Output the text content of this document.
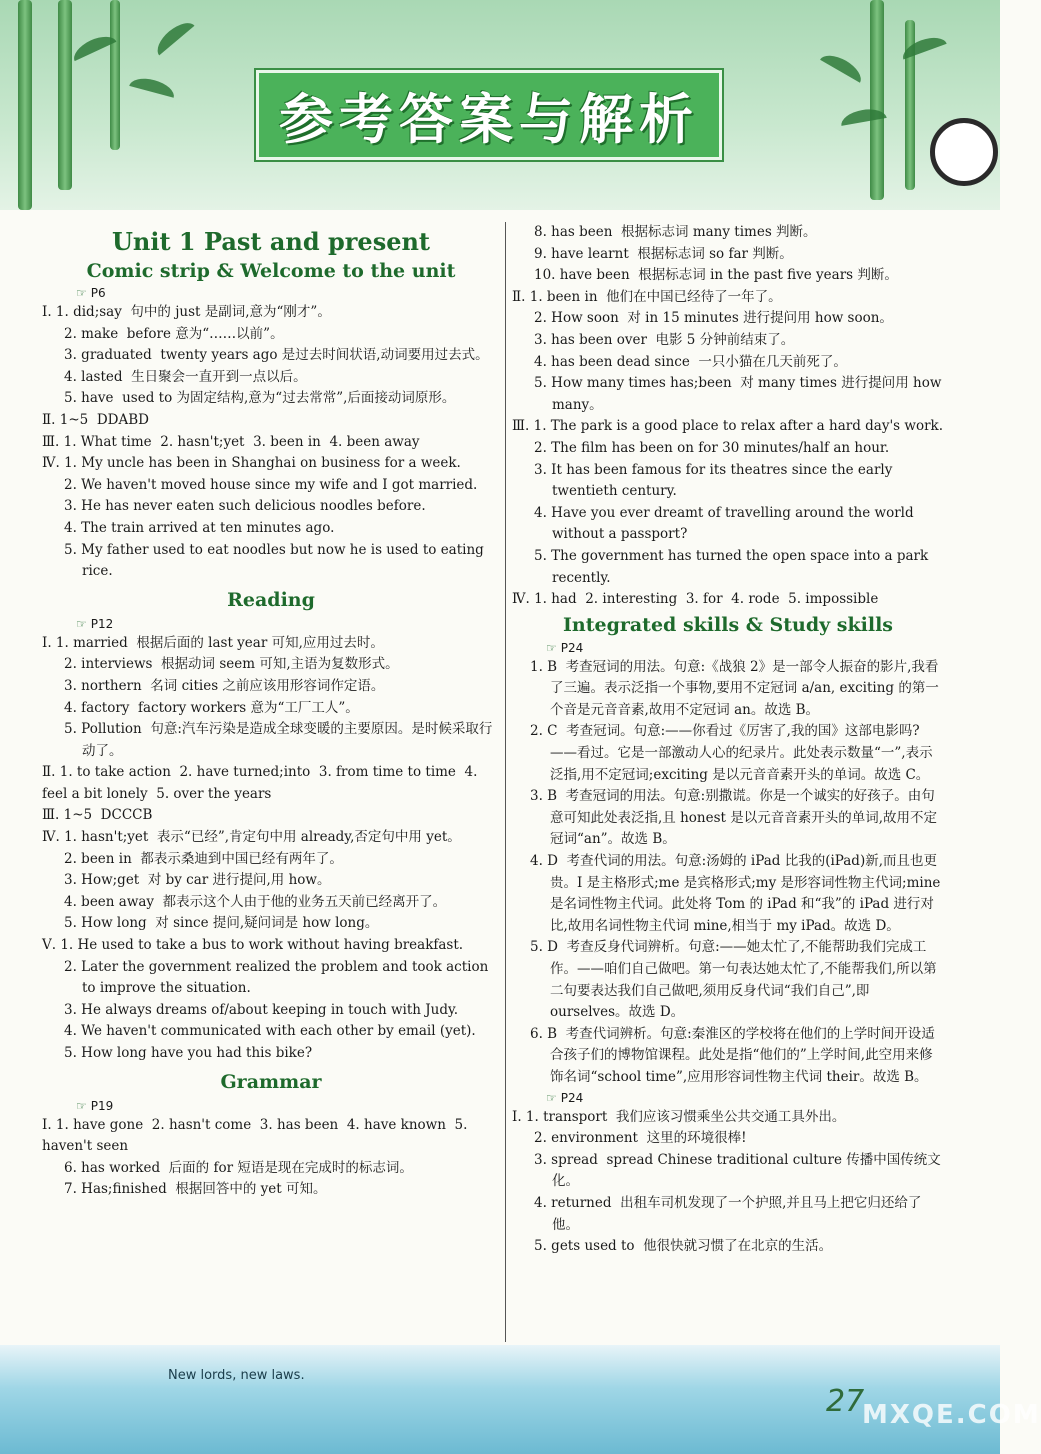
参考答案与解析
Unit 1 Past and present
Comic strip & Welcome to the unit
☞ P6
Ⅰ. 1. did;say  句中的 just 是副词,意为“刚才”。
2. make  before 意为“……以前”。
3. graduated  twenty years ago 是过去时间状语,动词要用过去式。
4. lasted  生日聚会一直开到一点以后。
5. have  used to 为固定结构,意为“过去常常”,后面接动词原形。
Ⅱ. 1~5  DDABD
Ⅲ. 1. What time  2. hasn't;yet  3. been in  4. been away
Ⅳ. 1. My uncle has been in Shanghai on business for a week.
2. We haven't moved house since my wife and I got married.
3. He has never eaten such delicious noodles before.
4. The train arrived at ten minutes ago.
5. My father used to eat noodles but now he is used to eating rice.
Reading
☞ P12
Ⅰ. 1. married  根据后面的 last year 可知,应用过去时。
2. interviews  根据动词 seem 可知,主语为复数形式。
3. northern  名词 cities 之前应该用形容词作定语。
4. factory  factory workers 意为“工厂工人”。
5. Pollution  句意:汽车污染是造成全球变暖的主要原因。是时候采取行动了。
Ⅱ. 1. to take action  2. have turned;into  3. from time to time  4. feel a bit lonely  5. over the years
Ⅲ. 1~5  DCCCB
Ⅳ. 1. hasn't;yet  表示“已经”,肯定句中用 already,否定句中用 yet。
2. been in  都表示桑迪到中国已经有两年了。
3. How;get  对 by car 进行提问,用 how。
4. been away  都表示这个人由于他的业务五天前已经离开了。
5. How long  对 since 提问,疑问词是 how long。
Ⅴ. 1. He used to take a bus to work without having breakfast.
2. Later the government realized the problem and took action to improve the situation.
3. He always dreams of/about keeping in touch with Judy.
4. We haven't communicated with each other by email (yet).
5. How long have you had this bike?
Grammar
☞ P19
Ⅰ. 1. have gone  2. hasn't come  3. has been  4. have known  5. haven't seen
6. has worked  后面的 for 短语是现在完成时的标志词。
7. Has;finished  根据回答中的 yet 可知。
8. has been  根据标志词 many times 判断。
9. have learnt  根据标志词 so far 判断。
10. have been  根据标志词 in the past five years 判断。
Ⅱ. 1. been in  他们在中国已经待了一年了。
2. How soon  对 in 15 minutes 进行提问用 how soon。
3. has been over  电影 5 分钟前结束了。
4. has been dead since  一只小猫在几天前死了。
5. How many times has;been  对 many times 进行提问用 how many。
Ⅲ. 1. The park is a good place to relax after a hard day's work.
2. The film has been on for 30 minutes/half an hour.
3. It has been famous for its theatres since the early twentieth century.
4. Have you ever dreamt of travelling around the world without a passport?
5. The government has turned the open space into a park recently.
Ⅳ. 1. had  2. interesting  3. for  4. rode  5. impossible
Integrated skills & Study skills
☞ P24
1. B  考查冠词的用法。句意:《战狼 2》是一部令人振奋的影片,我看了三遍。表示泛指一个事物,要用不定冠词 a/an, exciting 的第一个音是元音音素,故用不定冠词 an。故选 B。
2. C  考查冠词。句意:——你看过《厉害了,我的国》这部电影吗?——看过。它是一部激动人心的纪录片。此处表示数量“一”,表示泛指,用不定冠词;exciting 是以元音音素开头的单词。故选 C。
3. B  考查冠词的用法。句意:别撒谎。你是一个诚实的好孩子。由句意可知此处表泛指,且 honest 是以元音音素开头的单词,故用不定冠词“an”。故选 B。
4. D  考查代词的用法。句意:汤姆的 iPad 比我的(iPad)新,而且也更贵。I 是主格形式;me 是宾格形式;my 是形容词性物主代词;mine 是名词性物主代词。此处将 Tom 的 iPad 和“我”的 iPad 进行对比,故用名词性物主代词 mine,相当于 my iPad。故选 D。
5. D  考查反身代词辨析。句意:——她太忙了,不能帮助我们完成工作。——咱们自己做吧。第一句表达她太忙了,不能帮我们,所以第二句要表达我们自己做吧,须用反身代词“我们自己”,即 ourselves。故选 D。
6. B  考查代词辨析。句意:秦淮区的学校将在他们的上学时间开设适合孩子们的博物馆课程。此处是指“他们的”上学时间,此空用来修饰名词“school time”,应用形容词性物主代词 their。故选 B。
☞ P24
Ⅰ. 1. transport  我们应该习惯乘坐公共交通工具外出。
2. environment  这里的环境很棒!
3. spread  spread Chinese traditional culture 传播中国传统文化。
4. returned  出租车司机发现了一个护照,并且马上把它归还给了他。
5. gets used to  他很快就习惯了在北京的生活。
New lords, new laws.
27
MXQE.COM
